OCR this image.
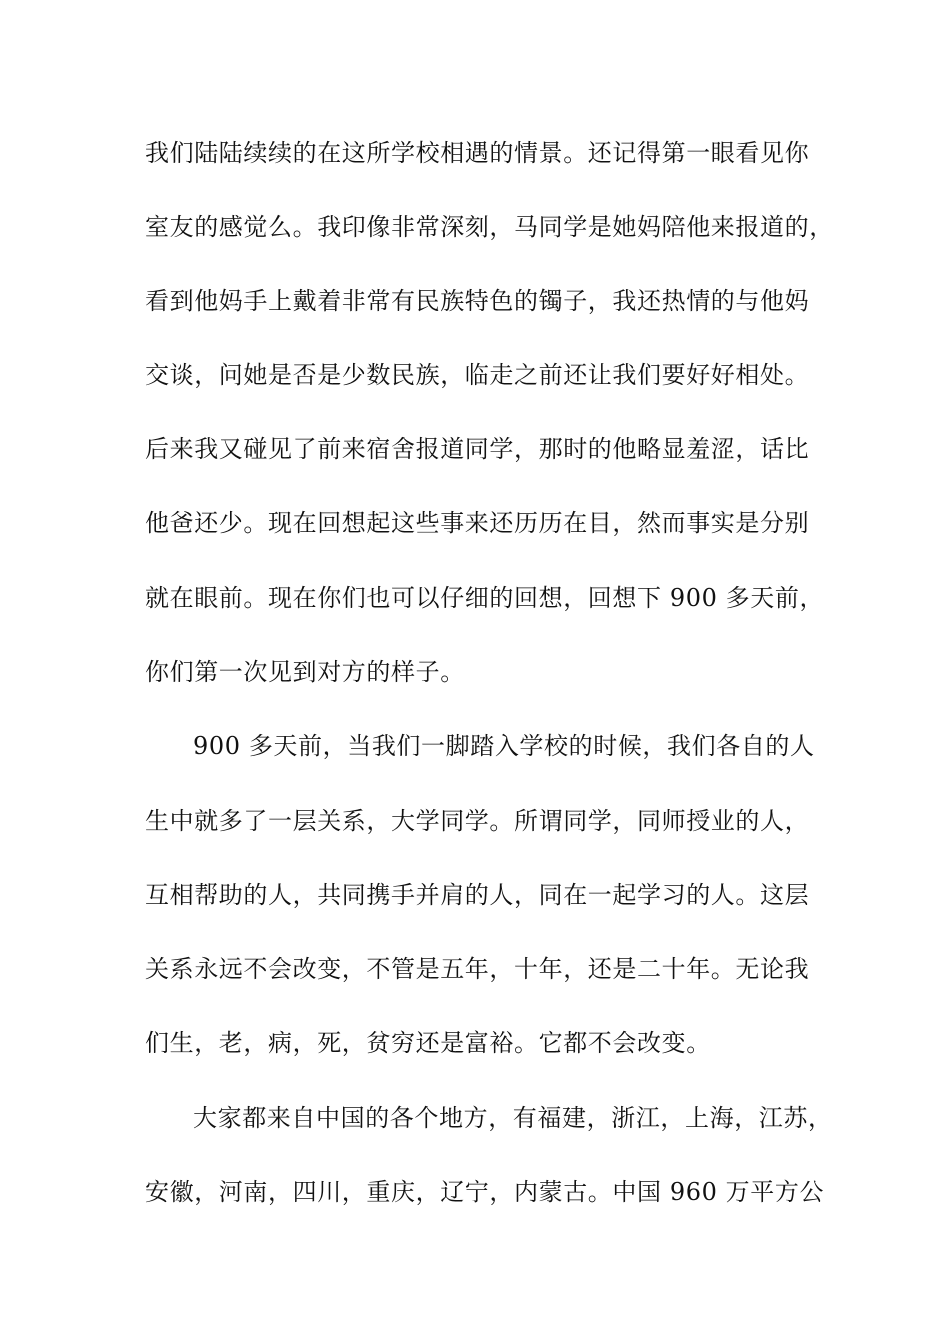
我们陆陆续续的在这所学校相遇的情景。还记得第一眼看见你
室友的感觉么。我印像非常深刻，马同学是她妈陪他来报道的，
看到他妈手上戴着非常有民族特色的镯子，我还热情的与他妈
交谈，问她是否是少数民族，临走之前还让我们要好好相处。
后来我又碰见了前来宿舍报道同学，那时的他略显羞涩，话比
他爸还少。现在回想起这些事来还历历在目，然而事实是分别
就在眼前。现在你们也可以仔细的回想，回想下 900 多天前，
你们第一次见到对方的样子。
900 多天前，当我们一脚踏入学校的时候，我们各自的人
生中就多了一层关系，大学同学。所谓同学，同师授业的人，
互相帮助的人，共同携手并肩的人，同在一起学习的人。这层
关系永远不会改变，不管是五年，十年，还是二十年。无论我
们生，老，病，死，贫穷还是富裕。它都不会改变。
大家都来自中国的各个地方，有福建，浙江，上海，江苏，
安徽，河南，四川，重庆，辽宁，内蒙古。中国 960 万平方公
